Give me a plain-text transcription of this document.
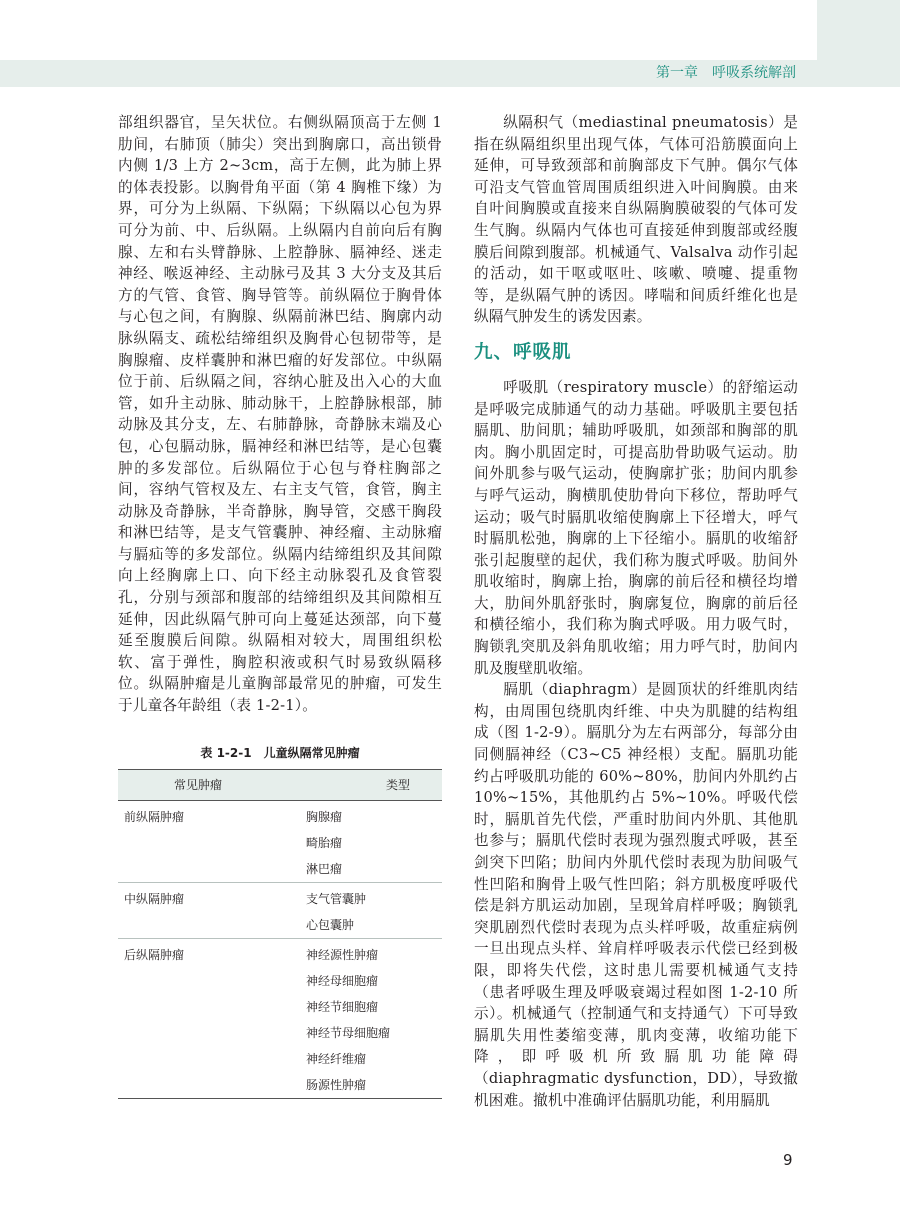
第一章 呼吸系统解剖

部组织器官，呈矢状位。右侧纵隔顶高于左侧 1 肋间，右肺顶（肺尖）突出到胸廓口，高出锁骨内侧 1/3 上方 2~3cm，高于左侧，此为肺上界的体表投影。以胸骨角平面（第 4 胸椎下缘）为界，可分为上纵隔、下纵隔；下纵隔以心包为界可分为前、中、后纵隔。上纵隔内自前向后有胸腺、左和右头臂静脉、上腔静脉、膈神经、迷走神经、喉返神经、主动脉弓及其 3 大分支及其后方的气管、食管、胸导管等。前纵隔位于胸骨体与心包之间，有胸腺、纵隔前淋巴结、胸廓内动脉纵隔支、疏松结缔组织及胸骨心包韧带等，是胸腺瘤、皮样囊肿和淋巴瘤的好发部位。中纵隔位于前、后纵隔之间，容纳心脏及出入心的大血管，如升主动脉、肺动脉干，上腔静脉根部，肺动脉及其分支，左、右肺静脉，奇静脉末端及心包，心包膈动脉，膈神经和淋巴结等，是心包囊肿的多发部位。后纵隔位于心包与脊柱胸部之间，容纳气管杈及左、右主支气管，食管，胸主动脉及奇静脉，半奇静脉，胸导管，交感干胸段和淋巴结等，是支气管囊肿、神经瘤、主动脉瘤与膈疝等的多发部位。纵隔内结缔组织及其间隙向上经胸廓上口、向下经主动脉裂孔及食管裂孔，分别与颈部和腹部的结缔组织及其间隙相互延伸，因此纵隔气肿可向上蔓延达颈部，向下蔓延至腹膜后间隙。纵隔相对较大，周围组织松软、富于弹性，胸腔积液或积气时易致纵隔移位。纵隔肿瘤是儿童胸部最常见的肿瘤，可发生于儿童各年龄组（表 1-2-1）。

表 1-2-1　儿童纵隔常见肿瘤
常见肿瘤	类型
前纵隔肿瘤	胸腺瘤
	畸胎瘤
	淋巴瘤
中纵隔肿瘤	支气管囊肿
	心包囊肿
后纵隔肿瘤	神经源性肿瘤
	神经母细胞瘤
	神经节细胞瘤
	神经节母细胞瘤
	神经纤维瘤
	肠源性肿瘤

纵隔积气（mediastinal pneumatosis）是指在纵隔组织里出现气体，气体可沿筋膜面向上延伸，可导致颈部和前胸部皮下气肿。偶尔气体可沿支气管血管周围质组织进入叶间胸膜。由来自叶间胸膜或直接来自纵隔胸膜破裂的气体可发生气胸。纵隔内气体也可直接延伸到腹部或经腹膜后间隙到腹部。机械通气、Valsalva 动作引起的活动，如干呕或呕吐、咳嗽、喷嚏、提重物等，是纵隔气肿的诱因。哮喘和间质纤维化也是纵隔气肿发生的诱发因素。

九、呼吸肌

呼吸肌（respiratory muscle）的舒缩运动是呼吸完成肺通气的动力基础。呼吸肌主要包括膈肌、肋间肌；辅助呼吸肌，如颈部和胸部的肌肉。胸小肌固定时，可提高肋骨助吸气运动。肋间外肌参与吸气运动，使胸廓扩张；肋间内肌参与呼气运动，胸横肌使肋骨向下移位，帮助呼气运动；吸气时膈肌收缩使胸廓上下径增大，呼气时膈肌松弛，胸廓的上下径缩小。膈肌的收缩舒张引起腹壁的起伏，我们称为腹式呼吸。肋间外肌收缩时，胸廓上抬，胸廓的前后径和横径均增大，肋间外肌舒张时，胸廓复位，胸廓的前后径和横径缩小，我们称为胸式呼吸。用力吸气时，胸锁乳突肌及斜角肌收缩；用力呼气时，肋间内肌及腹壁肌收缩。

膈肌（diaphragm）是圆顶状的纤维肌肉结构，由周围包绕肌肉纤维、中央为肌腱的结构组成（图 1-2-9）。膈肌分为左右两部分，每部分由同侧膈神经（C3~C5 神经根）支配。膈肌功能约占呼吸肌功能的 60%~80%，肋间内外肌约占 10%~15%，其他肌约占 5%~10%。呼吸代偿时，膈肌首先代偿，严重时肋间内外肌、其他肌也参与；膈肌代偿时表现为强烈腹式呼吸，甚至剑突下凹陷；肋间内外肌代偿时表现为肋间吸气性凹陷和胸骨上吸气性凹陷；斜方肌极度呼吸代偿是斜方肌运动加剧，呈现耸肩样呼吸；胸锁乳突肌剧烈代偿时表现为点头样呼吸，故重症病例一旦出现点头样、耸肩样呼吸表示代偿已经到极限，即将失代偿，这时患儿需要机械通气支持（患者呼吸生理及呼吸衰竭过程如图 1-2-10 所示）。机械通气（控制通气和支持通气）下可导致膈肌失用性萎缩变薄，肌肉变薄，收缩功能下降，即呼吸机所致膈肌功能障碍（diaphragmatic dysfunction，DD），导致撤机困难。撤机中准确评估膈肌功能，利用膈肌

9
